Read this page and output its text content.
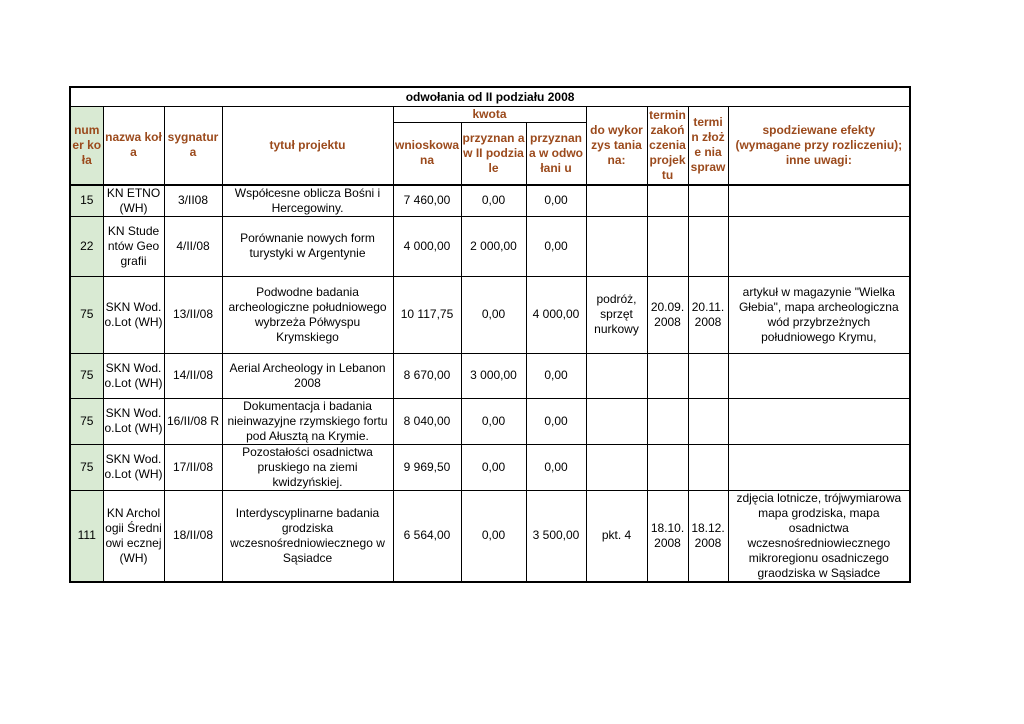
odwołania od II podziału 2008										
num er koła	nazwa koła	sygnatur a	tytuł projektu	kwota			do wykorzys tania na:	termin zakoń czenia projek tu	termi n złoże nia spraw	spodziewane efekty (wymagane przy rozliczeniu); inne uwagi:
				wnioskowa na	przyznan a w II podziale	przyznan a w odwołani u				

15	KN ETNO (WH)	3/II08	Współcesne oblicza Bośni i Hercegowiny.	7 460,00	0,00	0,00				
22	KN Studentów Geografii	4/II/08	Porównanie nowych form turystyki w Argentynie	4 000,00	2 000,00	0,00				
75	SKN Wod.o.Lot (WH)	13/II/08	Podwodne badania archeologiczne południowego wybrzeża Półwyspu Krymskiego	10 117,75	0,00	4 000,00	podróż, sprzęt nurkowy	20.09. 2008	20.11. 2008	artykuł w magazynie "Wielka Głebia", mapa archeologiczna wód przybrzeżnych południowego Krymu,
75	SKN Wod.o.Lot (WH)	14/II/08	Aerial Archeology in Lebanon 2008	8 670,00	3 000,00	0,00				
75	SKN Wod.o.Lot (WH)	16/II/08 R	Dokumentacja i badania nieinwazyjne rzymskiego fortu pod Ałusztą na Krymie.	8 040,00	0,00	0,00				
75	SKN Wod.o.Lot (WH)	17/II/08	Pozostałości osadnictwa pruskiego na ziemi kwidzyńskiej.	9 969,50	0,00	0,00				
111	KN Archologii Średniowi ecznej (WH)	18/II/08	Interdyscyplinarne badania grodziska wczesnośredniowiecznego w Sąsiadce	6 564,00	0,00	3 500,00	pkt. 4	18.10. 2008	18.12. 2008	zdjęcia lotnicze, trójwymiarowa mapa grodziska, mapa osadnictwa wczesnośredniowiecznego mikroregionu osadniczego graodziska w Sąsiadce
